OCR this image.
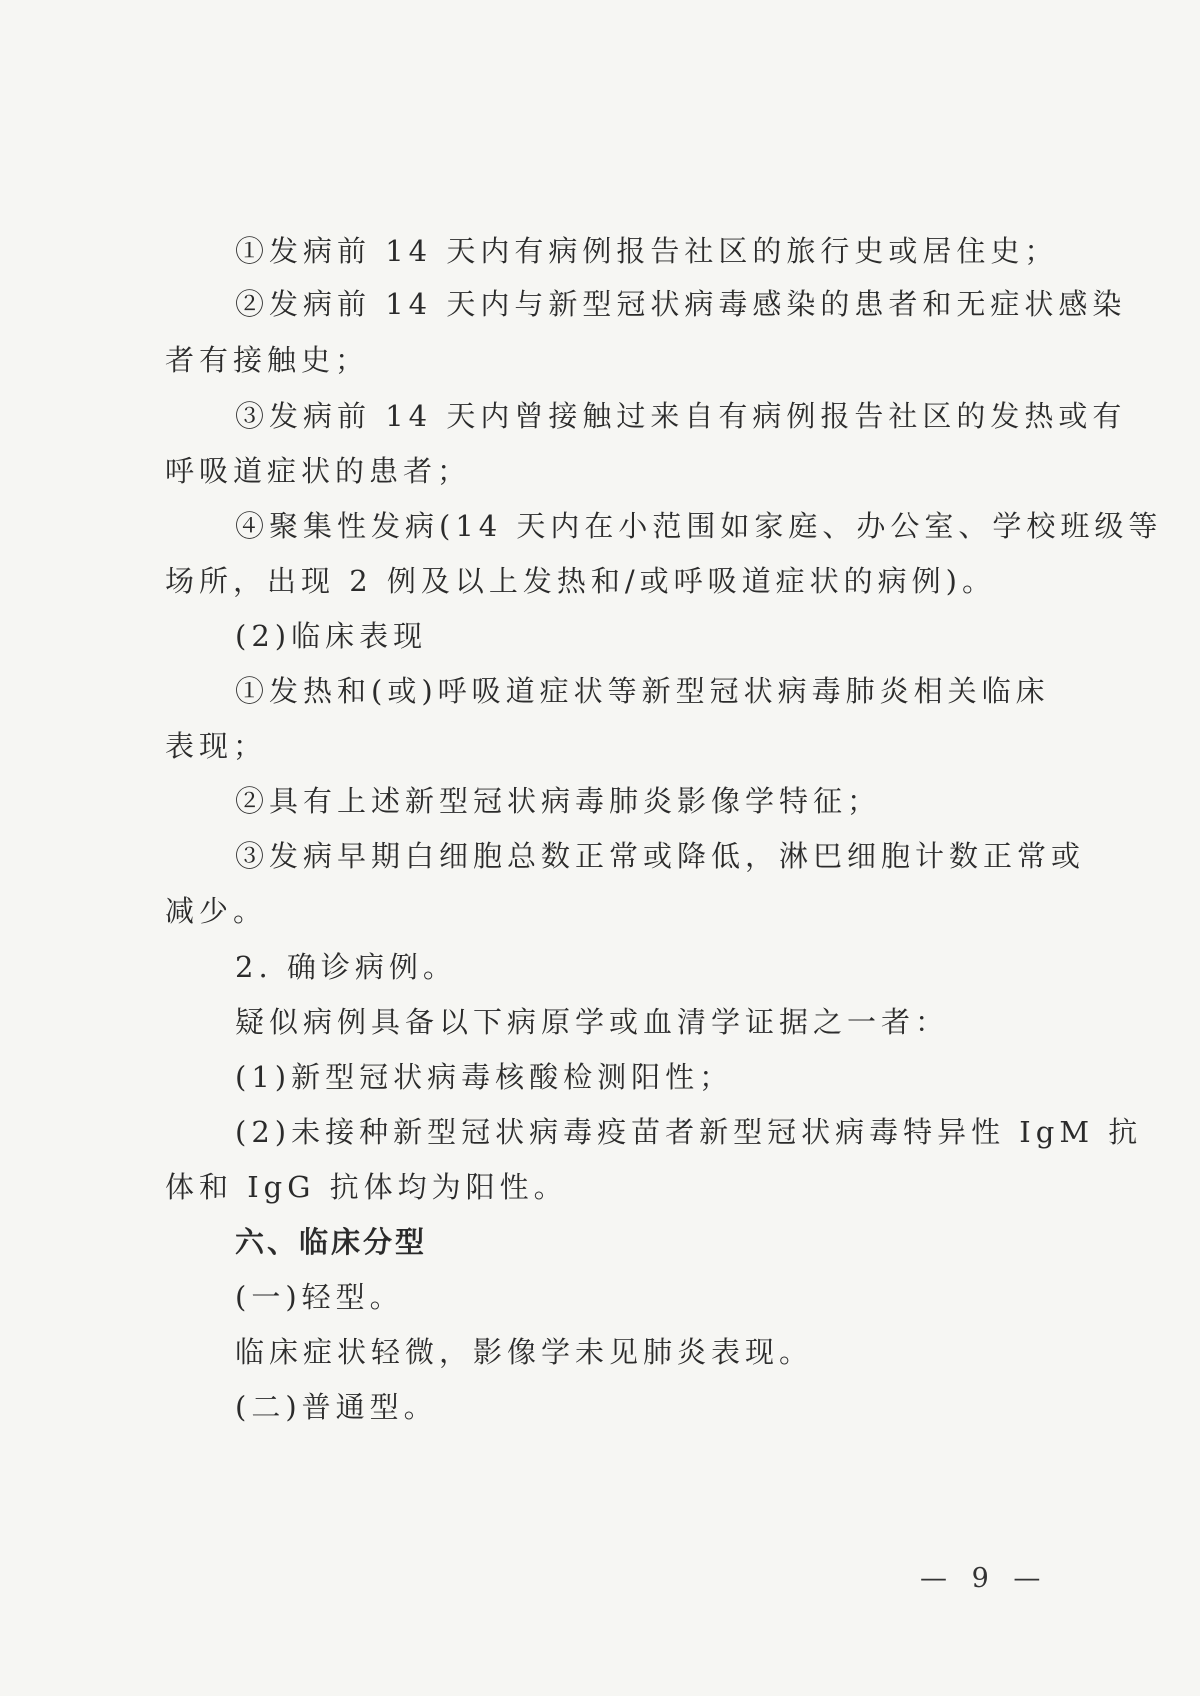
①发病前 14 天内有病例报告社区的旅行史或居住史；
②发病前 14 天内与新型冠状病毒感染的患者和无症状感染
者有接触史；
③发病前 14 天内曾接触过来自有病例报告社区的发热或有
呼吸道症状的患者；
④聚集性发病(14 天内在小范围如家庭、办公室、学校班级等
场所，出现 2 例及以上发热和/或呼吸道症状的病例)。
(2)临床表现
①发热和(或)呼吸道症状等新型冠状病毒肺炎相关临床
表现；
②具有上述新型冠状病毒肺炎影像学特征；
③发病早期白细胞总数正常或降低，淋巴细胞计数正常或
减少。
2. 确诊病例。
疑似病例具备以下病原学或血清学证据之一者：
(1)新型冠状病毒核酸检测阳性；
(2)未接种新型冠状病毒疫苗者新型冠状病毒特异性 IgM 抗
体和 IgG 抗体均为阳性。
六、临床分型
(一)轻型。
临床症状轻微，影像学未见肺炎表现。
(二)普通型。
— 9 —
